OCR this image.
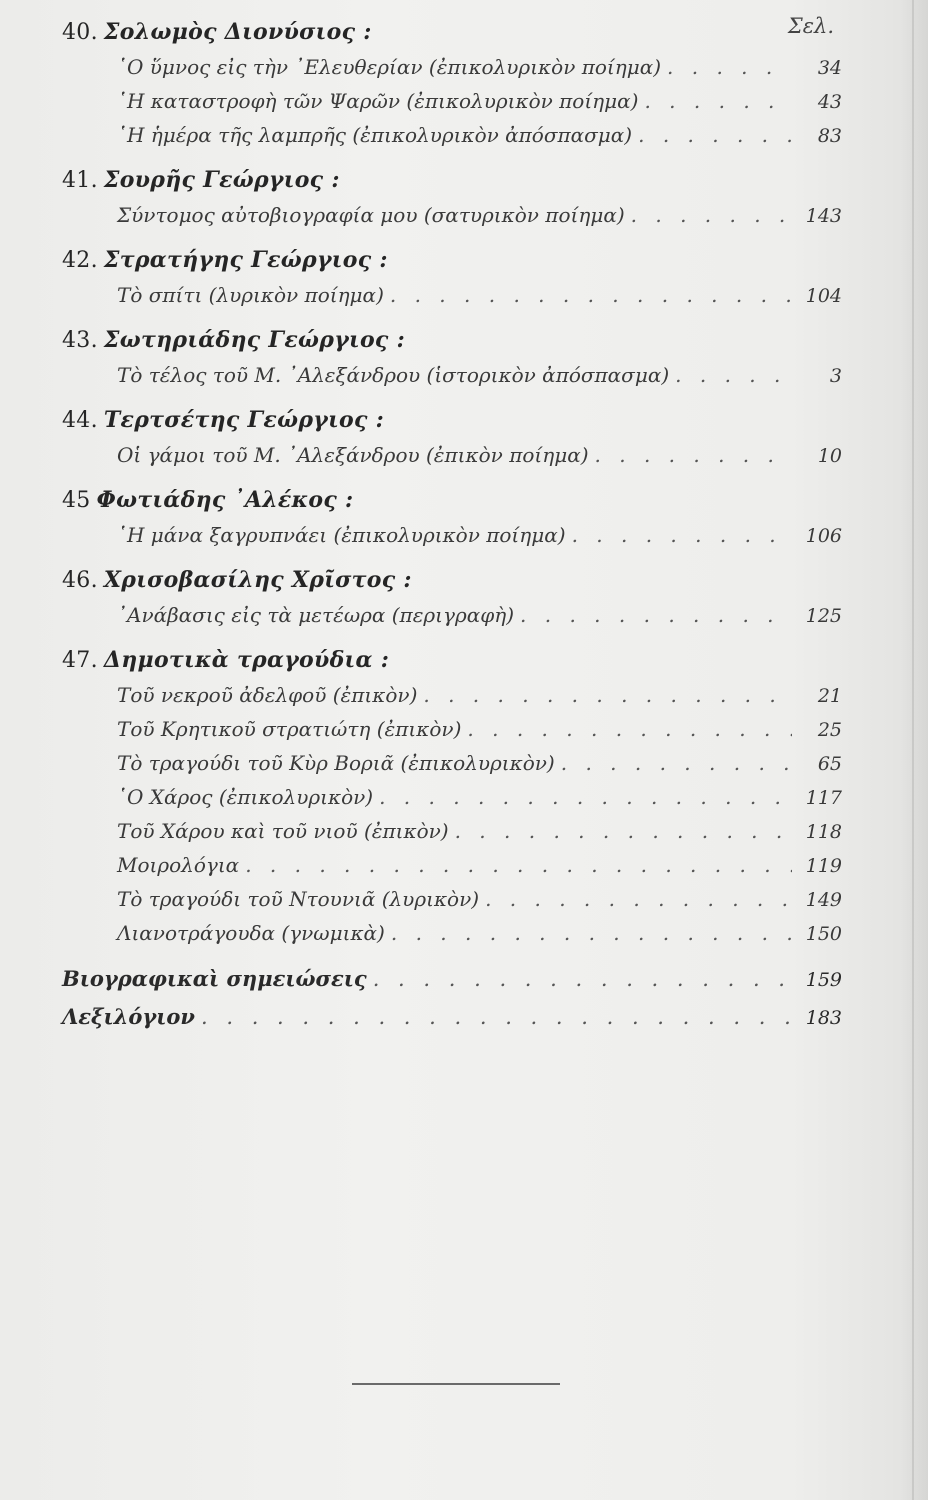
Σελ.
40. Σολωμὸς Διονύσιος :
῾Ο ὕμνος εἰς τὴν ᾿Ελευθερίαν (ἐπικολυρικὸν ποίημα) . . .	34
῾Η καταστροφὴ τῶν Ψαρῶν (ἐπικολυρικὸν ποίημα) . . .	43
῾Η ἡμέρα τῆς λαμπρῆς (ἐπικολυρικὸν ἀπόσπασμα) . . .	83
41. Σουρῆς Γεώργιος :
Σύντομος αὐτοβιογραφία μου (σατυρικὸν ποίημα) . . .	143
42. Στρατήγης Γεώργιος :
Τὸ σπίτι (λυρικὸν ποίημα) . . .	104
43. Σωτηριάδης Γεώργιος :
Τὸ τέλος τοῦ Μ. ᾿Αλεξάνδρου (ἱστορικὸν ἀπόσπασμα) . . .	3
44. Τερτσέτης Γεώργιος :
Οἱ γάμοι τοῦ Μ. ᾿Αλεξάνδρου (ἐπικὸν ποίημα) . . .	10
45 Φωτιάδης ᾿Αλέκος :
῾Η μάνα ξαγρυπνάει (ἐπικολυρικὸν ποίημα) . . .	106
46. Χρισοβασίλης Χρῖστος :
᾿Ανάβασις εἰς τὰ μετέωρα (περιγραφὴ) . . .	125
47. Δημοτικὰ τραγούδια :
Τοῦ νεκροῦ ἀδελφοῦ (ἐπικὸν) . . .	21
Τοῦ Κρητικοῦ στρατιώτη (ἐπικὸν) . . .	25
Τὸ τραγούδι τοῦ Κὺρ Βοριᾶ (ἐπικολυρικὸν) . . .	65
῾Ο Χάρος (ἐπικολυρικὸν) . . .	117
Τοῦ Χάρου καὶ τοῦ νιοῦ (ἐπικὸν) . . .	118
Μοιρολόγια . . .	119
Τὸ τραγούδι τοῦ Ντουνιᾶ (λυρικὸν) . . .	149
Λιανοτράγουδα (γνωμικὰ) . . .	150
Βιογραφικαὶ σημειώσεις . . .	159
Λεξιλόγιον . . .	183
